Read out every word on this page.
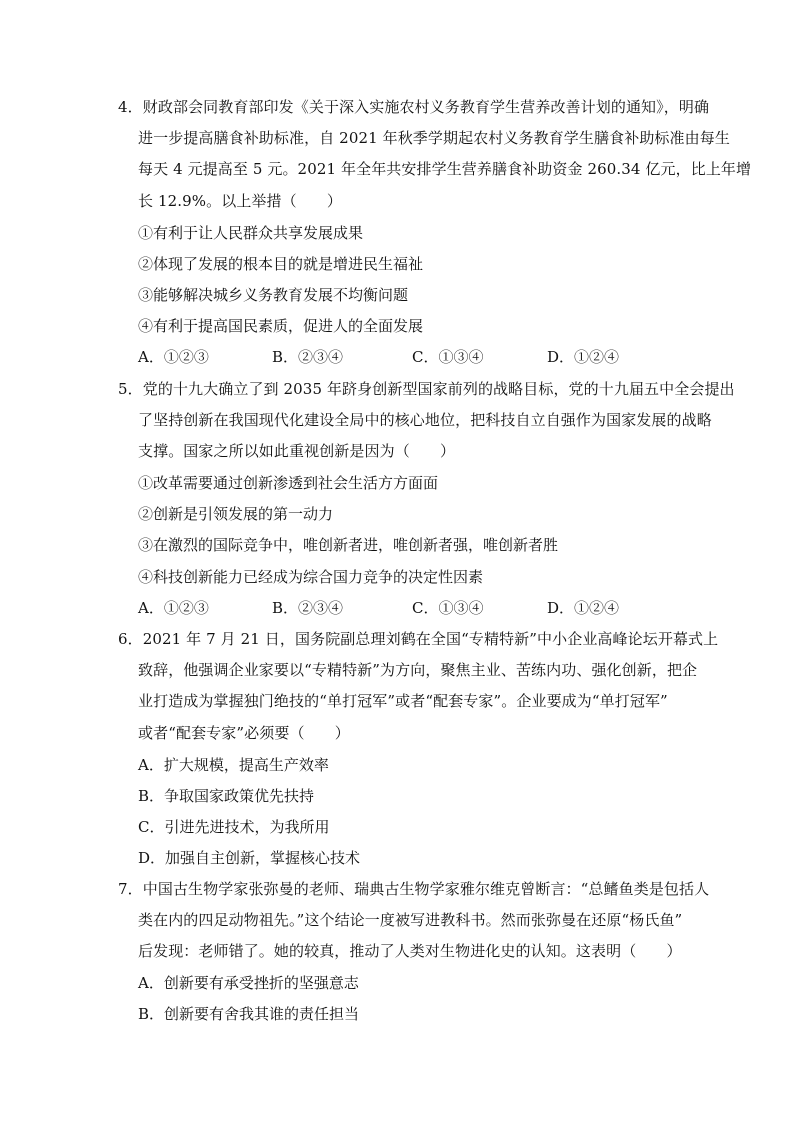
4．财政部会同教育部印发《关于深入实施农村义务教育学生营养改善计划的通知》，明确
进一步提高膳食补助标准，自 2021 年秋季学期起农村义务教育学生膳食补助标准由每生
每天 4 元提高至 5 元。2021 年全年共安排学生营养膳食补助资金 260.34 亿元，比上年增
长 12.9%。以上举措（　　）
①有利于让人民群众共享发展成果
②体现了发展的根本目的就是增进民生福祉
③能够解决城乡义务教育发展不均衡问题
④有利于提高国民素质，促进人的全面发展
A．①②③	B．②③④	C．①③④	D．①②④
5．党的十九大确立了到 2035 年跻身创新型国家前列的战略目标，党的十九届五中全会提出
了坚持创新在我国现代化建设全局中的核心地位，把科技自立自强作为国家发展的战略
支撑。国家之所以如此重视创新是因为（　　）
①改革需要通过创新渗透到社会生活方方面面
②创新是引领发展的第一动力
③在激烈的国际竞争中，唯创新者进，唯创新者强，唯创新者胜
④科技创新能力已经成为综合国力竞争的决定性因素
A．①②③	B．②③④	C．①③④	D．①②④
6．2021 年 7 月 21 日，国务院副总理刘鹤在全国“专精特新”中小企业高峰论坛开幕式上
致辞，他强调企业家要以“专精特新”为方向，聚焦主业、苦练内功、强化创新，把企
业打造成为掌握独门绝技的“单打冠军”或者“配套专家”。企业要成为“单打冠军”
或者“配套专家”必须要（　　）
A．扩大规模，提高生产效率
B．争取国家政策优先扶持
C．引进先进技术，为我所用
D．加强自主创新，掌握核心技术
7．中国古生物学家张弥曼的老师、瑞典古生物学家雅尔维克曾断言：“总鳍鱼类是包括人
类在内的四足动物祖先。”这个结论一度被写进教科书。然而张弥曼在还原“杨氏鱼”
后发现：老师错了。她的较真，推动了人类对生物进化史的认知。这表明（　　）
A．创新要有承受挫折的坚强意志
B．创新要有舍我其谁的责任担当
